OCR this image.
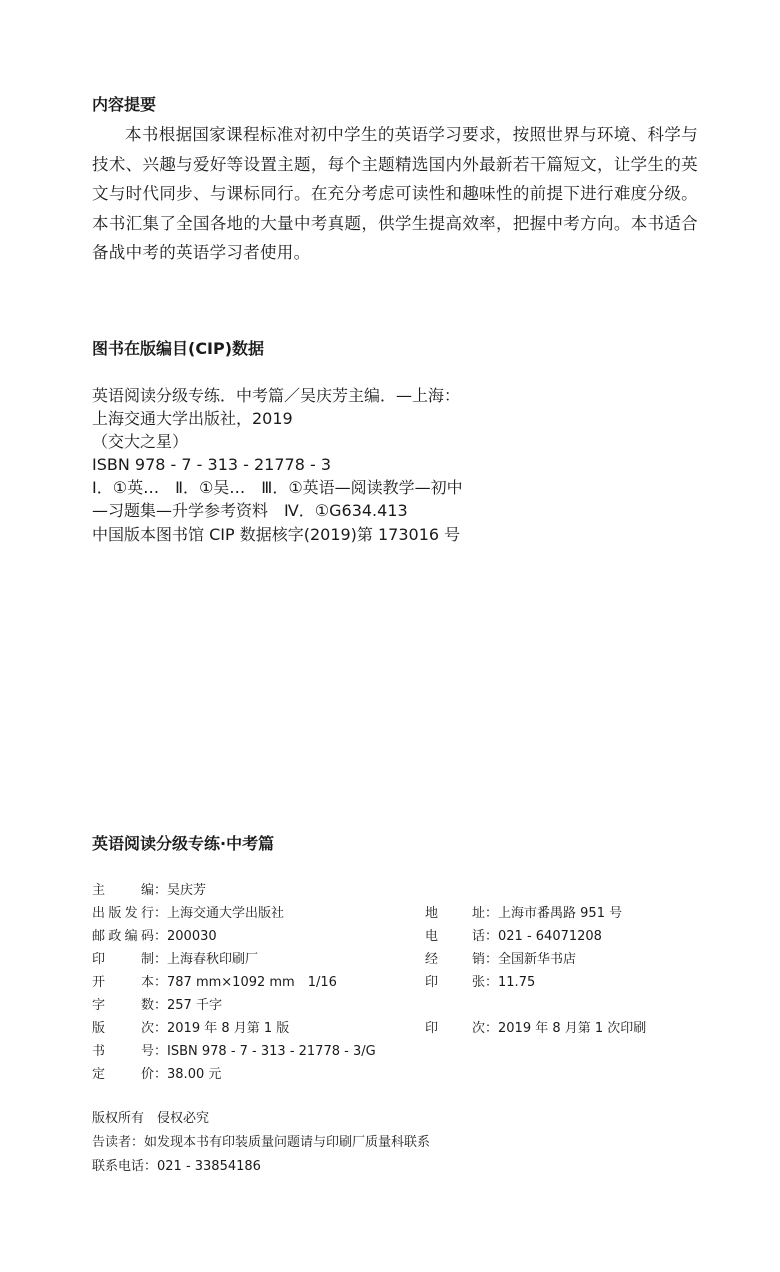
内容提要
本书根据国家课程标准对初中学生的英语学习要求，按照世界与环境、科学与技术、兴趣与爱好等设置主题，每个主题精选国内外最新若干篇短文，让学生的英文与时代同步、与课标同行。在充分考虑可读性和趣味性的前提下进行难度分级。本书汇集了全国各地的大量中考真题，供学生提高效率，把握中考方向。本书适合备战中考的英语学习者使用。
图书在版编目(CIP)数据
英语阅读分级专练．中考篇／吴庆芳主编．—上海：
上海交通大学出版社，2019
（交大之星）
ISBN 978 - 7 - 313 - 21778 - 3
Ⅰ．①英…　Ⅱ．①吴…　Ⅲ．①英语—阅读教学—初中
—习题集—升学参考资料　Ⅳ．①G634.413
中国版本图书馆 CIP 数据核字(2019)第 173016 号
英语阅读分级专练·中考篇
主编：吴庆芳
出版发行：上海交通大学出版社
邮政编码：200030
印制：上海春秋印刷厂
开本：787 mm×1092 mm　1/16
字数：257 千字
版次：2019 年 8 月第 1 版
书号：ISBN 978 - 7 - 313 - 21778 - 3/G
定价：38.00 元
地址：上海市番禺路 951 号
电话：021 - 64071208
经销：全国新华书店
印张：11.75
印次：2019 年 8 月第 1 次印刷
版权所有　侵权必究
告读者：如发现本书有印装质量问题请与印刷厂质量科联系
联系电话：021 - 33854186
